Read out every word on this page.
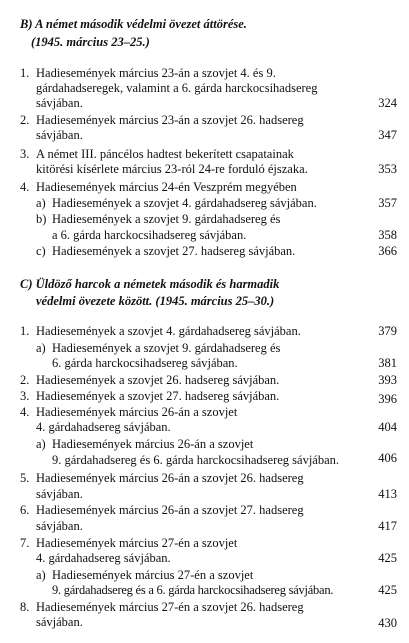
B) A német második védelmi övezet áttörése.
(1945. március 23–25.)
1. Hadiesemények március 23-án a szovjet 4. és 9.
gárdahadseregek, valamint a 6. gárda harckocsihadsereg
sávjában.	324
2. Hadiesemények március 23-án a szovjet 26. hadsereg
sávjában.	347
3. A német III. páncélos hadtest bekerített csapatainak
kitörési kísérlete március 23-ról 24-re forduló éjszaka.	353
4. Hadiesemények március 24-én Veszprém megyében
a) Hadiesemények a szovjet 4. gárdahadsereg sávjában.	357
b) Hadiesemények a szovjet 9. gárdahadsereg és
a 6. gárda harckocsihadsereg sávjában.	358
c) Hadiesemények a szovjet 27. hadsereg sávjában.	366
C) Üldöző harcok a németek második és harmadik
védelmi övezete között. (1945. március 25–30.)
1. Hadiesemények a szovjet 4. gárdahadsereg sávjában.	379
a) Hadiesemények a szovjet 9. gárdahadsereg és
6. gárda harckocsihadsereg sávjában.	381
2. Hadiesemények a szovjet 26. hadsereg sávjában.	393
3. Hadiesemények a szovjet 27. hadsereg sávjában.	396
4. Hadiesemények március 26-án a szovjet
4. gárdahadsereg sávjában.	404
a) Hadiesemények március 26-án a szovjet
9. gárdahadsereg és 6. gárda harckocsihadsereg sávjában.	406
5. Hadiesemények március 26-án a szovjet 26. hadsereg
sávjában.	413
6. Hadiesemények március 26-án a szovjet 27. hadsereg
sávjában.	417
7. Hadiesemények március 27-én a szovjet
4. gárdahadsereg sávjában.	425
a) Hadiesemények március 27-én a szovjet
9. gárdahadsereg és a 6. gárda harckocsihadsereg sávjában.	425
8. Hadiesemények március 27-én a szovjet 26. hadsereg
sávjában.	430
